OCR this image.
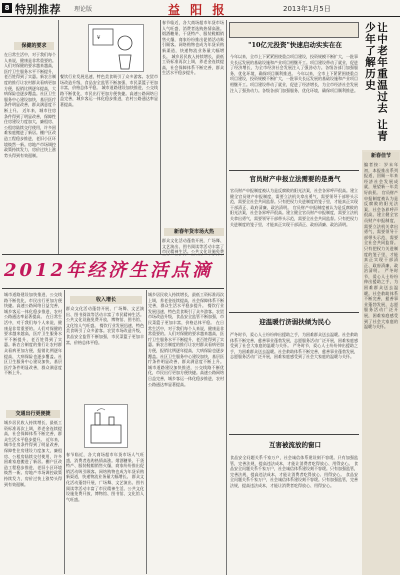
8 特别推荐 理论版	益 阳 报	2013年1月5日
保健的要求
在日常生活中，对于我们每个人来说，健康是非常重要的。人们对保健的要求越来越高，医疗卫生服务水平不断提升，老百姓得到了实惠。新农合制度的推行让农村群众看病更加方便，报销比例逐年提高，大病保险也逐步覆盖。社区卫生服务中心建设加快，基层医疗条件明显改善，群众满意度不断上升。 近年来，城市住房条件得到了明显改善，保障性住房建设力度加大，廉租房、公租房陆续交付使用，许多困难家庭搬进了新居。棚户区改造工程稳步推进，老旧小区环境焕然一新。房地产市场调控政策持续发力，房价过快上涨势头得到有效遏制。
¥
餐饮行业发展迅速，特色美食吸引了众多游客。农贸市场改造升级，食品安全监管不断加强，市民菜篮子更加丰富，价格总体平稳。 城市道路建设加快推进，公交线路不断优化，市民出行更加方便快捷。高速公路网络日益完善，城乡客运一体化稳步推进，农村公路通达率显著提高。
春节临近，各大商场超市年货市场人气旺盛，消费者选购热情高涨。烟酒糖果、干货特产、服装鞋帽销售火爆，商家纷纷推出促销活动吸引顾客。网络购物也成为年货采购新渠道，快递物流业务量大幅增长。 城乡居民收入持续增长，最低工资标准再次上调，养老金连续提高，社会保障体系不断完善，群众生活水平稳步提升。
新春年货市场火热
群众文化活动蓬勃开展，广场舞、文艺演出、图书阅读等活动丰富了市民精神生活。公共文化设施免费
"10亿元投资"快速启动实实在在
今年以来，全市上下紧紧围绕重点项目建设，投资规模不断扩大，一批事关长远发展的基础设施和产业项目相继开工。项目建设带动了就业，促进了经济增长，为全市经济社会发展注入了强劲动力。各级各部门加强服务，优化环境，确保项目顺利推进。 今年以来，全市上下紧紧围绕重点项目建设，投资规模不断扩大，一批事关长远发展的基础设施和产业项目相继开工。项目建设带动了就业，促进了经济增长，为全市经济社会发展注入了强劲动力。各级各部门加强服务，优化环境，确保项目顺利推进。	让中老年重温过去 让青少年了解历史
新春佳节
编者按：岁末年初，本报推出系列报道，回顾一年来经济社会发展成就，展望新一年美好前景。 官员财产申报制度被认为是反腐败的阳光法案，社会各界呼声很高。建立健全官员财产申报制度，需要立法机关拿出勇气，需要领导干部带头示范，需要全社会共同监督。只有把权力关进制度的笼子里，才能真正实现干部清正、政府清廉、政治清明。 严冬时节，爱心人士纷纷伸出援助之手，为困难群众送去温暖。社会救助体系不断完善，慈善事业蓬勃发展，志愿服务活动广泛开展，困难家庭感受到了社会大家庭的温暖与关怀。
官员财产申报立法需要的是勇气
官员财产申报制度被认为是反腐败的阳光法案，社会各界呼声很高。建立健全官员财产申报制度，需要立法机关拿出勇气，需要领导干部带头示范，需要全社会共同监督。只有把权力关进制度的笼子里，才能真正实现干部清正、政府清廉、政治清明。 官员财产申报制度被认为是反腐败的阳光法案，社会各界呼声很高。建立健全官员财产申报制度，需要立法机关拿出勇气，需要领导干部带头示范，需要全社会共同监督。只有把权力关进制度的笼子里，才能真正实现干部清正、政府清廉、政治清明。
迎温暖行济弱扶倾为民心
严冬时节，爱心人士纷纷伸出援助之手，为困难群众送去温暖。社会救助体系不断完善，慈善事业蓬勃发展，志愿服务活动广泛开展，困难家庭感受到了社会大家庭的温暖与关怀。 严冬时节，爱心人士纷纷伸出援助之手，为困难群众送去温暖。社会救助体系不断完善，慈善事业蓬勃发展，志愿服务活动广泛开展，困难家庭感受到了社会大家庭的温暖与关怀。
互害被流放的窗口
食品安全问题关系千家万户，社会诚信体系建设刻不容缓。只有加强监管，完善法规，提高违法成本，才能让消费者吃得放心、用得安心。 食品安全问题关系千家万户，社会诚信体系建设刻不容缓。只有加强监管，完善法规，提高违法成本，才能让消费者吃得放心、用得安心。 食品安全问题关系千家万户，社会诚信体系建设刻不容缓。只有加强监管，完善法规，提高违法成本，才能让消费者吃得放心、用得安心。
2012年经济生活点滴
城市道路建设加快推进，公交线路不断优化，市民出行更加方便快捷。高速公路网络日益完善，城乡客运一体化稳步推进，农村公路通达率显著提高。 在日常生活中，对于我们每个人来说，健康是非常重要的。人们对保健的要求越来越高，医疗卫生服务水平不断提升，老百姓得到了实惠。新农合制度的推行让农村群众看病更加方便，报销比例逐年提高，大病保险也逐步覆盖。社区卫生服务中心建设加快，基层医疗条件明显改善，群众满意度不断上升。
交通出行更便捷
城乡居民收入持续增长，最低工资标准再次上调，养老金连续提高，社会保障体系不断完善，群众生活水平稳步提升。 近年来，城市住房条件得到了明显改善，保障性住房建设力度加大，廉租房、公租房陆续交付使用，许多困难家庭搬进了新居。棚户区改造工程稳步推进，老旧小区环境焕然一新。房地产市场调控政策持续发力，房价过快上涨势头得到有效遏制。
收入增长
群众文化活动蓬勃开展，广场舞、文艺演出、图书阅读等活动丰富了市民精神生活。公共文化设施免费开放，博物馆、图书馆、文化馆人气旺盛。 餐饮行业发展迅速，特色美食吸引了众多游客。农贸市场改造升级，食品安全监管不断加强，市民菜篮子更加丰富，价格总体平稳。
春节临近，各大商场超市年货市场人气旺盛，消费者选购热情高涨。烟酒糖果、干货特产、服装鞋帽销售火爆，商家纷纷推出促销活动吸引顾客。网络购物也成为年货采购新渠道，快递物流业务量大幅增长。 群众文化活动蓬勃开展，广场舞、文艺演出、图书阅读等活动丰富了市民精神生活。公共文化设施免费开放，博物馆、图书馆、文化馆人气旺盛。
城乡居民收入持续增长，最低工资标准再次上调，养老金连续提高，社会保障体系不断完善，群众生活水平稳步提升。 餐饮行业发展迅速，特色美食吸引了众多游客。农贸市场改造升级，食品安全监管不断加强，市民菜篮子更加丰富，价格总体平稳。 在日常生活中，对于我们每个人来说，健康是非常重要的。人们对保健的要求越来越高，医疗卫生服务水平不断提升，老百姓得到了实惠。新农合制度的推行让农村群众看病更加方便，报销比例逐年提高，大病保险也逐步覆盖。社区卫生服务中心建设加快，基层医疗条件明显改善，群众满意度不断上升。 城市道路建设加快推进，公交线路不断优化，市民出行更加方便快捷。高速公路网络日益完善，城乡客运一体化稳步推进，农村公路通达率显著提高。
